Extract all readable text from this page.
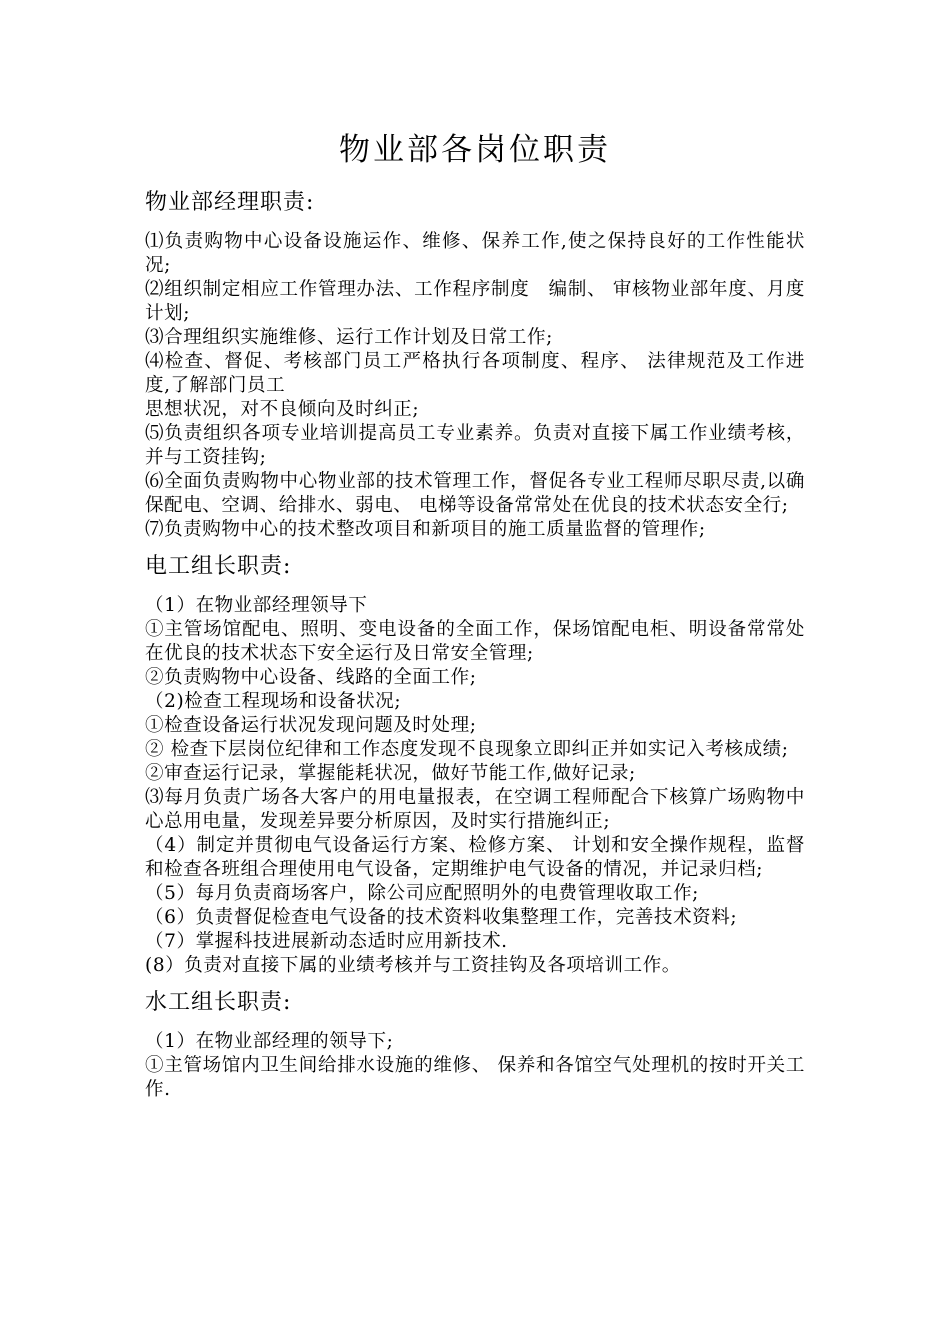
物业部各岗位职责
物业部经理职责:

⑴负责购物中心设备设施运作、维修、保养工作,使之保持良好的工作性能状况;

⑵组织制定相应工作管理办法、工作程序制度　编制、 审核物业部年度、月度计划;

⑶合理组织实施维修、运行工作计划及日常工作;

⑷检查、督促、考核部门员工严格执行各项制度、程序、 法律规范及工作进度,了解部门员工

思想状况，对不良倾向及时纠正;

⑸负责组织各项专业培训提高员工专业素养。负责对直接下属工作业绩考核，并与工资挂钩;

⑹全面负责购物中心物业部的技术管理工作，督促各专业工程师尽职尽责,以确保配电、空调、给排水、弱电、 电梯等设备常常处在优良的技术状态安全行;

⑺负责购物中心的技术整改项目和新项目的施工质量监督的管理作;

电工组长职责:

（1）在物业部经理领导下

①主管场馆配电、照明、变电设备的全面工作，保场馆配电柜、明设备常常处在优良的技术状态下安全运行及日常安全管理;

②负责购物中心设备、线路的全面工作;

（2)检查工程现场和设备状况;

①检查设备运行状况发现问题及时处理;

② 检查下层岗位纪律和工作态度发现不良现象立即纠正并如实记入考核成绩;

②审查运行记录，掌握能耗状况，做好节能工作,做好记录;

⑶每月负责广场各大客户的用电量报表，在空调工程师配合下核算广场购物中心总用电量，发现差异要分析原因，及时实行措施纠正;

（4）制定并贯彻电气设备运行方案、检修方案、 计划和安全操作规程，监督和检查各班组合理使用电气设备，定期维护电气设备的情况，并记录归档;

（5）每月负责商场客户，除公司应配照明外的电费管理收取工作;

（6）负责督促检查电气设备的技术资料收集整理工作，完善技术资料;

（7）掌握科技进展新动态适时应用新技术.

(8）负责对直接下属的业绩考核并与工资挂钩及各项培训工作。

水工组长职责:

（1）在物业部经理的领导下;

①主管场馆内卫生间给排水设施的维修、 保养和各馆空气处理机的按时开关工作.
